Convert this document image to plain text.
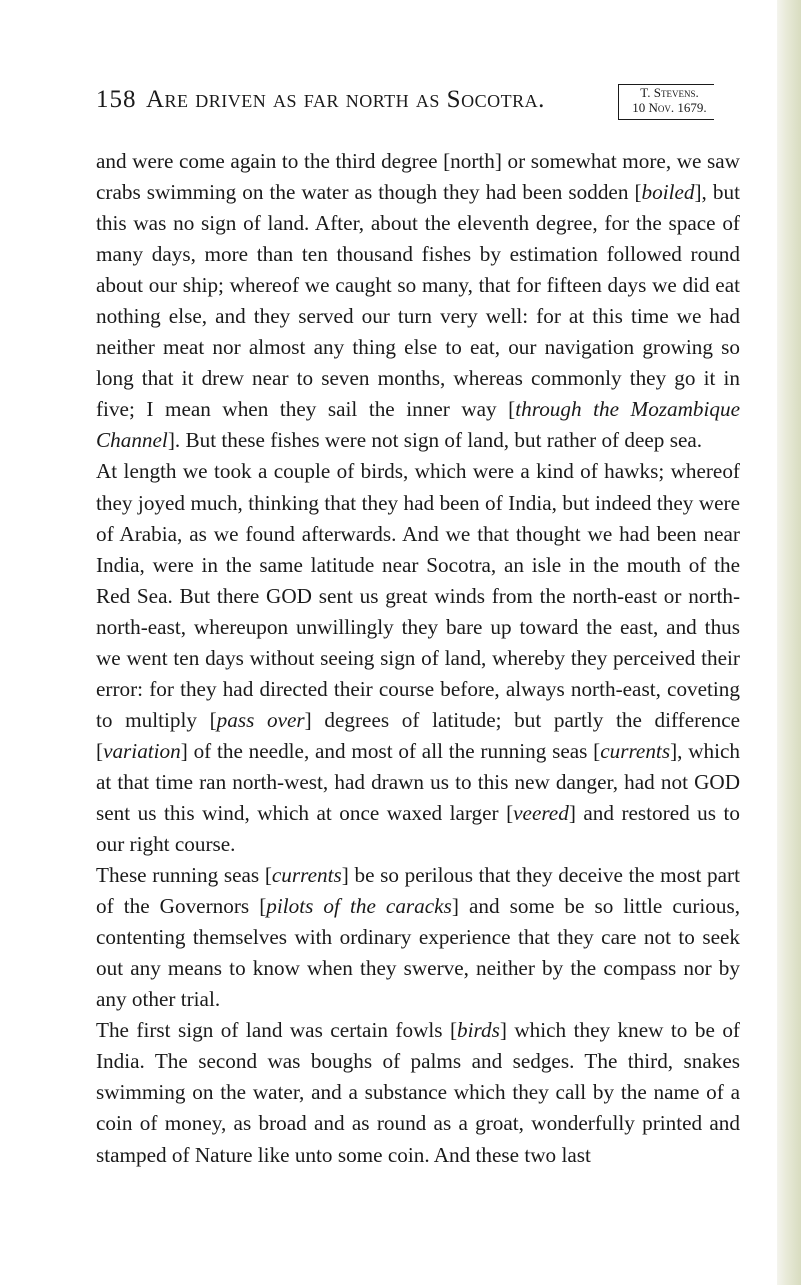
158 Are driven as far north as Socotra.	T. Stevens.
10 Nov. 1679.

and were come again to the third degree [north] or somewhat more, we saw crabs swimming on the water as though they had been sodden [boiled], but this was no sign of land. After, about the eleventh degree, for the space of many days, more than ten thousand fishes by estimation followed round about our ship; whereof we caught so many, that for fifteen days we did eat nothing else, and they served our turn very well: for at this time we had neither meat nor almost any thing else to eat, our navigation growing so long that it drew near to seven months, whereas commonly they go it in five; I mean when they sail the inner way [through the Mozambique Channel]. But these fishes were not sign of land, but rather of deep sea.

At length we took a couple of birds, which were a kind of hawks; whereof they joyed much, thinking that they had been of India, but indeed they were of Arabia, as we found afterwards. And we that thought we had been near India, were in the same latitude near Socotra, an isle in the mouth of the Red Sea. But there GOD sent us great winds from the north-east or north-north-east, whereupon unwillingly they bare up toward the east, and thus we went ten days without seeing sign of land, whereby they perceived their error: for they had directed their course before, always north-east, coveting to multiply [pass over] degrees of latitude; but partly the difference [variation] of the needle, and most of all the running seas [currents], which at that time ran north-west, had drawn us to this new danger, had not GOD sent us this wind, which at once waxed larger [veered] and restored us to our right course.

These running seas [currents] be so perilous that they deceive the most part of the Governors [pilots of the caracks] and some be so little curious, contenting themselves with ordinary experience that they care not to seek out any means to know when they swerve, neither by the compass nor by any other trial.

The first sign of land was certain fowls [birds] which they knew to be of India. The second was boughs of palms and sedges. The third, snakes swimming on the water, and a substance which they call by the name of a coin of money, as broad and as round as a groat, wonderfully printed and stamped of Nature like unto some coin. And these two last
